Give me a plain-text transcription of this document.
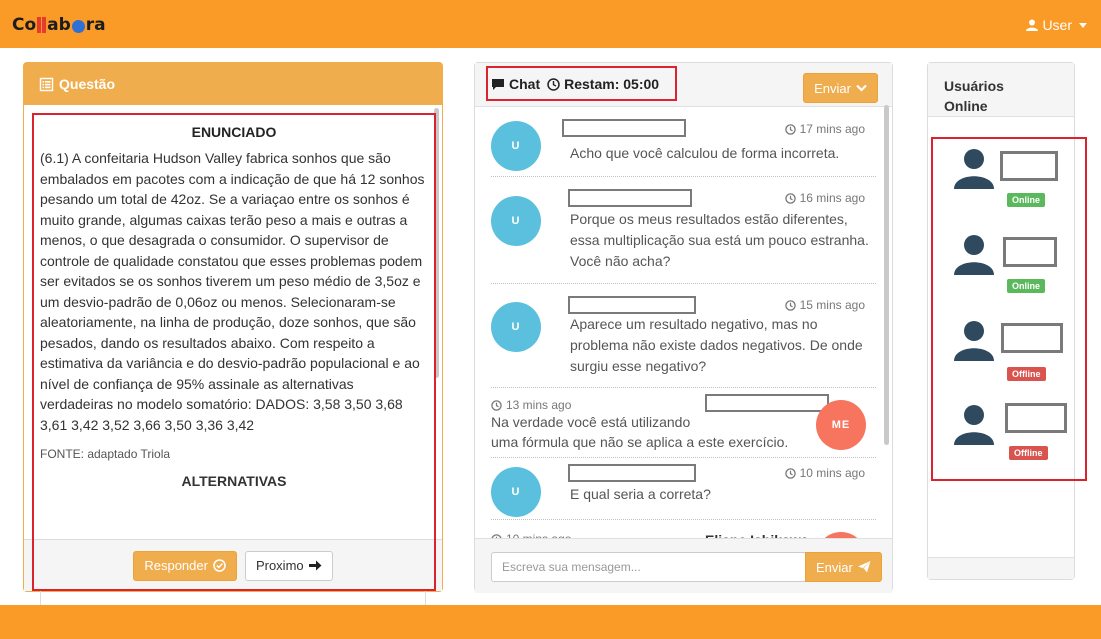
Co ab ra	User
Questão
ENUNCIADO

(6.1) A confeitaria Hudson Valley fabrica sonhos que são embalados em pacotes com a indicação de que há 12 sonhos pesando um total de 42oz. Se a variaçao entre os sonhos é muito grande, algumas caixas terão peso a mais e outras a menos, o que desagrada o consumidor. O supervisor de controle de qualidade constatou que esses problemas podem ser evitados se os sonhos tiverem um peso médio de 3,5oz e um desvio-padrão de 0,06oz ou menos. Selecionaram-se aleatoriamente, na linha de produção, doze sonhos, que são pesados, dando os resultados abaixo. Com respeito a estimativa da variância e do desvio-padrão populacional e ao nível de confiança de 95% assinale as alternativas verdadeiras no modelo somatório: DADOS: 3,58 3,50 3,68 3,61 3,42 3,52 3,66 3,50 3,36 3,42

FONTE: adaptado Triola

ALTERNATIVAS

Responder	Proximo
Chat Restam: 05:00	Enviar
U
17 mins ago
Acho que você calculou de forma incorreta.
U
16 mins ago
Porque os meus resultados estão diferentes, essa multiplicação sua está um pouco estranha. Você não acha?
U
15 mins ago
Aparece um resultado negativo, mas no problema não existe dados negativos. De onde surgiu esse negativo?
13 mins ago
Na verdade você está utilizando
uma fórmula que não se aplica a este exercício.
ME
U
10 mins ago
E qual seria a correta?
Escreva sua mensagem...
Enviar
Usuários
Online
Online
Online
Offline
Offline
